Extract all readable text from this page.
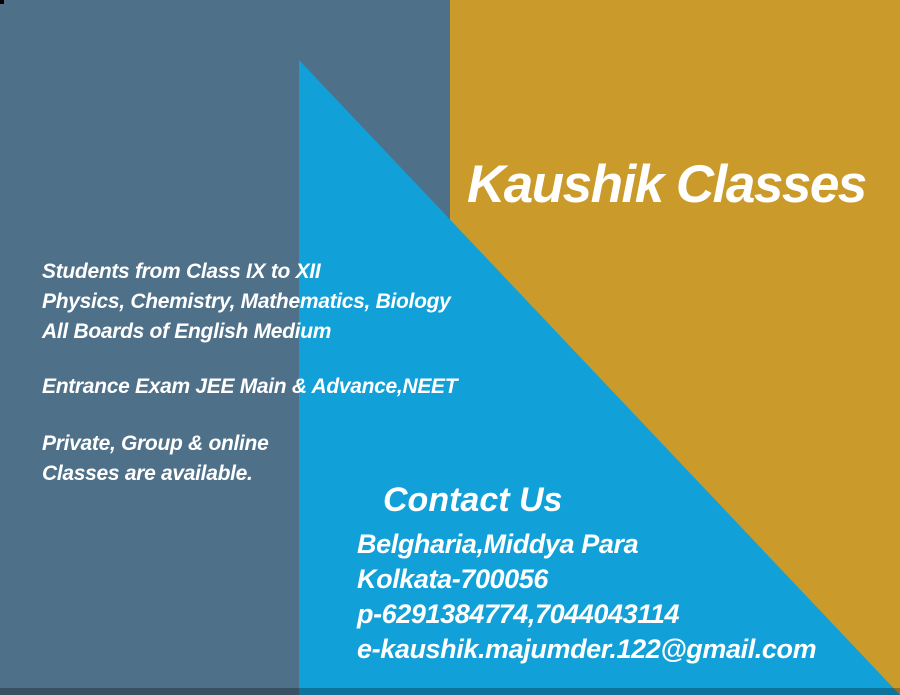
Kaushik Classes
Students from Class IX to XII
Physics, Chemistry, Mathematics, Biology
All Boards of English Medium
Entrance Exam JEE Main & Advance,NEET
Private, Group & online
Classes are available.
Contact Us
Belgharia,Middya Para
Kolkata-700056
p-6291384774,7044043114
e-kaushik.majumder.122@gmail.com
